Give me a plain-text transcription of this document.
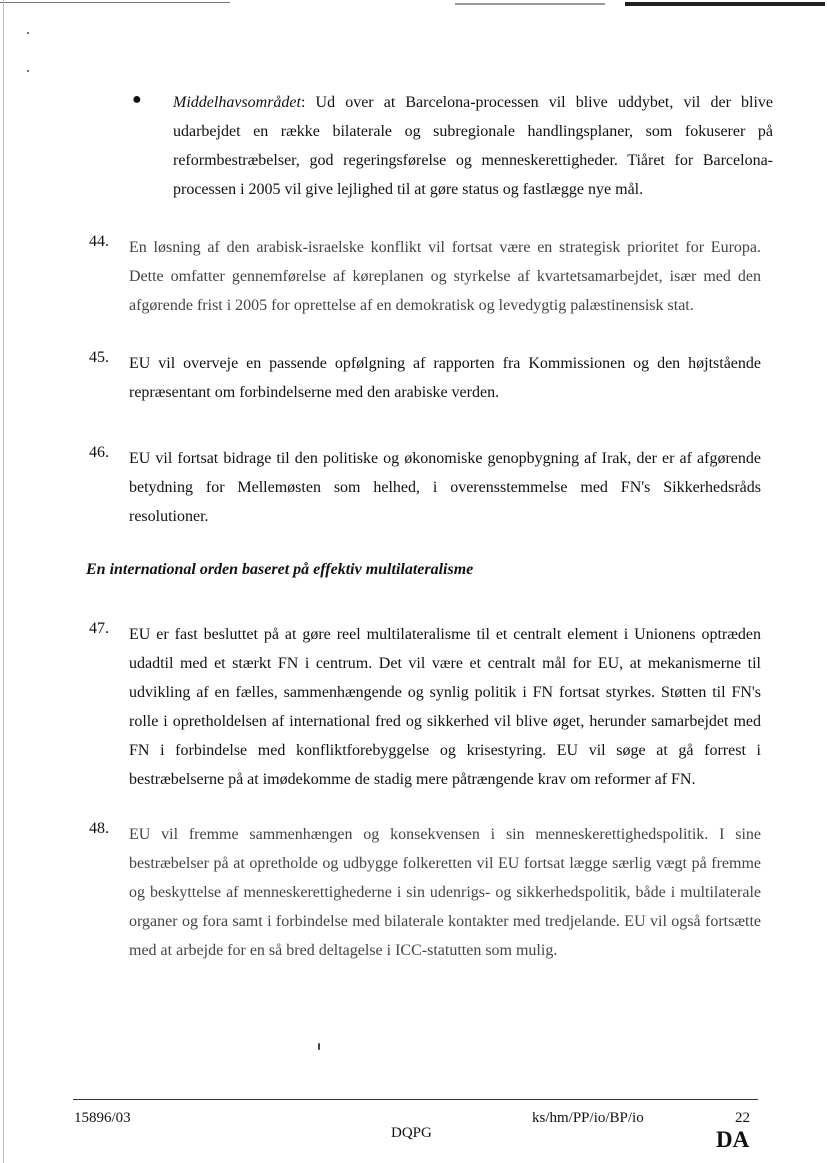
● Middelhavsområdet: Ud over at Barcelona-processen vil blive uddybet, vil der blive udarbejdet en række bilaterale og subregionale handlingsplaner, som fokuserer på reformbestræbelser, god regeringsførelse og menneskerettigheder. Tiåret for Barcelona-processen i 2005 vil give lejlighed til at gøre status og fastlægge nye mål.
44. En løsning af den arabisk-israelske konflikt vil fortsat være en strategisk prioritet for Europa. Dette omfatter gennemførelse af køreplanen og styrkelse af kvartetsamarbejdet, især med den afgørende frist i 2005 for oprettelse af en demokratisk og levedygtig palæstinensisk stat.
45. EU vil overveje en passende opfølgning af rapporten fra Kommissionen og den højtstående repræsentant om forbindelserne med den arabiske verden.
46. EU vil fortsat bidrage til den politiske og økonomiske genopbygning af Irak, der er af afgørende betydning for Mellemøsten som helhed, i overensstemmelse med FN's Sikkerhedsråds resolutioner.
En international orden baseret på effektiv multilateralisme
47. EU er fast besluttet på at gøre reel multilateralisme til et centralt element i Unionens optræden udadtil med et stærkt FN i centrum. Det vil være et centralt mål for EU, at mekanismerne til udvikling af en fælles, sammenhængende og synlig politik i FN fortsat styrkes. Støtten til FN's rolle i opretholdelsen af international fred og sikkerhed vil blive øget, herunder samarbejdet med FN i forbindelse med konfliktforebyggelse og krisestyring. EU vil søge at gå forrest i bestræbelserne på at imødekomme de stadig mere påtrængende krav om reformer af FN.
48. EU vil fremme sammenhængen og konsekvensen i sin menneskerettighedspolitik. I sine bestræbelser på at opretholde og udbygge folkeretten vil EU fortsat lægge særlig vægt på fremme og beskyttelse af menneskerettighederne i sin udenrigs- og sikkerhedspolitik, både i multilaterale organer og fora samt i forbindelse med bilaterale kontakter med tredjelande. EU vil også fortsætte med at arbejde for en så bred deltagelse i ICC-statutten som mulig.
15896/03	ks/hm/PP/io/BP/io	22
DQPG	DA
